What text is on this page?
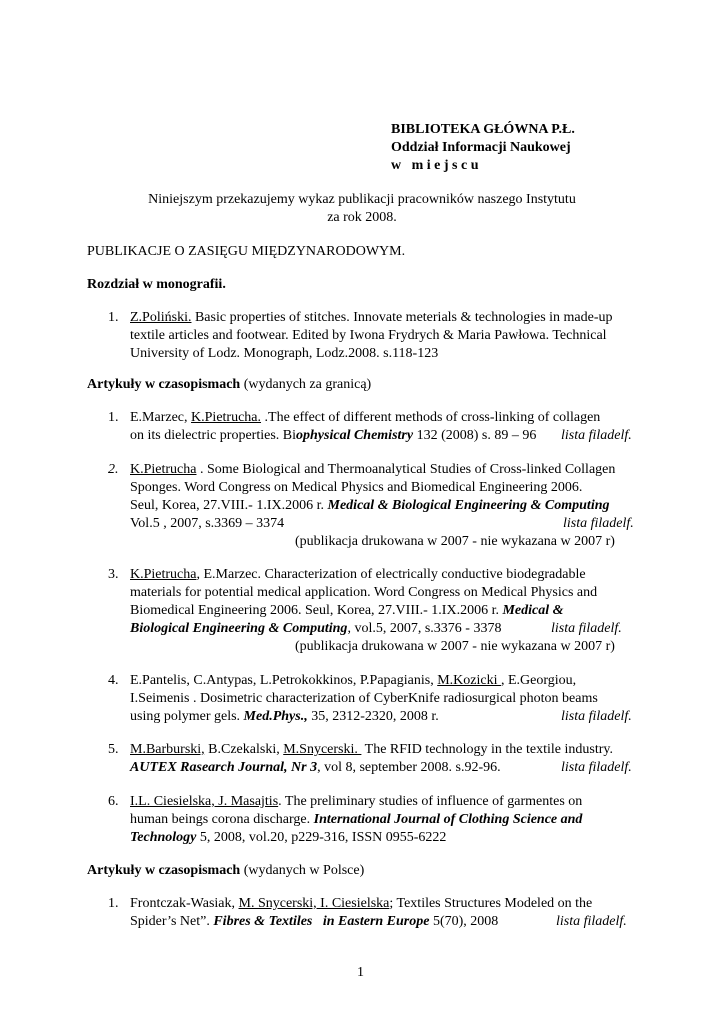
BIBLIOTEKA GŁÓWNA P.Ł.
Oddział Informacji Naukowej
w   m i e j s c u
Niniejszym przekazujemy wykaz publikacji pracowników naszego Instytutu
za rok 2008.
PUBLIKACJE O ZASIĘGU MIĘDZYNARODOWYM.
Rozdział w monografii.
1. Z.Poliński. Basic properties of stitches. Innovate meterials & technologies in made-up
textile articles and footwear. Edited by Iwona Frydrych & Maria Pawłowa. Technical
University of Lodz. Monograph, Lodz.2008. s.118-123
Artykuły w czasopismach (wydanych za granicą)
1. E.Marzec, K.Pietrucha. .The effect of different methods of cross-linking of collagen
on its dielectric properties. Biophysical Chemistry 132 (2008) s. 89 – 96 lista filadelf.
2. K.Pietrucha . Some Biological and Thermoanalytical Studies of Cross-linked Collagen
Sponges. Word Congress on Medical Physics and Biomedical Engineering 2006.
Seul, Korea, 27.VIII.- 1.IX.2006 r. Medical & Biological Engineering & Computing
Vol.5 , 2007, s.3369 – 3374	lista filadelf.
(publikacja drukowana w 2007 - nie wykazana w 2007 r)
3. K.Pietrucha, E.Marzec. Characterization of electrically conductive biodegradable
materials for potential medical application. Word Congress on Medical Physics and
Biomedical Engineering 2006. Seul, Korea, 27.VIII.- 1.IX.2006 r. Medical &
Biological Engineering & Computing, vol.5, 2007, s.3376 - 3378	lista filadelf.
(publikacja drukowana w 2007 - nie wykazana w 2007 r)
4. E.Pantelis, C.Antypas, L.Petrokokkinos, P.Papagianis, M.Kozicki , E.Georgiou,
I.Seimenis . Dosimetric characterization of CyberKnife radiosurgical photon beams
using polymer gels. Med.Phys., 35, 2312-2320, 2008 r.	lista filadelf.
5. M.Barburski, B.Czekalski, M.Snycerski.  The RFID technology in the textile industry.
AUTEX Rasearch Journal, Nr 3, vol 8, september 2008. s.92-96.	lista filadelf.
6. I.L. Ciesielska, J. Masajtis. The preliminary studies of influence of garmentes on
human beings corona discharge. International Journal of Clothing Science and
Technology 5, 2008, vol.20, p229-316, ISSN 0955-6222
Artykuły w czasopismach (wydanych w Polsce)
1. Frontczak-Wasiak, M. Snycerski, I. Ciesielska; Textiles Structures Modeled on the
Spider’s Net”. Fibres & Textiles   in Eastern Europe 5(70), 2008	lista filadelf.
1
